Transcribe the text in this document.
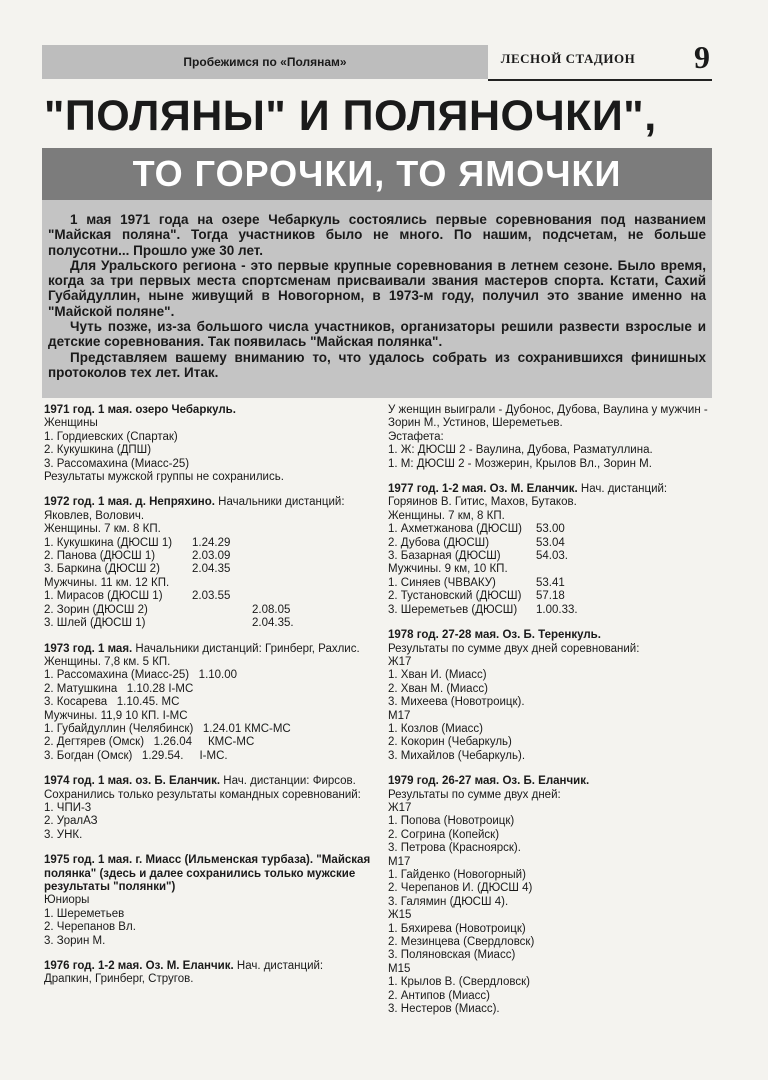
Пробежимся по «Полянам»	ЛЕСНОЙ СТАДИОН	9
"ПОЛЯНЫ" И ПОЛЯНОЧКИ",
ТО ГОРОЧКИ, ТО ЯМОЧКИ

1 мая 1971 года на озере Чебаркуль состоялись первые соревнования под названием "Майская поляна". Тогда участников было не много. По нашим, подсчетам, не больше полусотни... Прошло уже 30 лет.

Для Уральского региона - это первые крупные соревнования в летнем сезоне. Было время, когда за три первых места спортсменам присваивали звания мастеров спорта. Кстати, Сахий Губайдуллин, ныне живущий в Новогорном, в 1973-м году, получил это звание именно на "Майской поляне".

Чуть позже, из-за большого числа участников, организаторы решили развести взрослые и детские соревнования. Так появилась "Майская полянка".

Представляем вашему вниманию то, что удалось собрать из сохранившихся финишных протоколов тех лет. Итак.

1971 год. 1 мая. озеро Чебаркуль.

Женщины

1. Гордиевских (Спартак)

2. Кукушкина (ДПШ)

3. Рассомахина (Миасс-25)

Результаты мужской группы не сохранились.

1972 год. 1 мая. д. Непряхино. Начальники дистанций: Яковлев, Волович.

Женщины. 7 км. 8 КП.

1. Кукушкина (ДЮСШ 1)	1.24.29
2. Панова (ДЮСШ 1)	2.03.09
3. Баркина (ДЮСШ 2)	2.04.35

Мужчины. 11 км. 12 КП.

1. Мирасов (ДЮСШ 1)	2.03.55
2. Зорин (ДЮСШ 2)	2.08.05
3. Шлей (ДЮСШ 1)	2.04.35.

1973 год. 1 мая. Начальники дистанций: Гринберг, Рахлис.

Женщины. 7,8 км. 5 КП.

1. Рассомахина (Миасс-25)   1.10.00

2. Матушкина   1.10.28 I-МС

3. Косарева   1.10.45. МС

Мужчины. 11,9 10 КП. I-МС

1. Губайдуллин (Челябинск)   1.24.01 КМС-МС

2. Дегтярев (Омск)   1.26.04     КМС-МС

3. Богдан (Омск)   1.29.54.     I-МС.

1974 год. 1 мая. оз. Б. Еланчик. Нач. дистанции: Фирсов.

Сохранились только результаты командных соревнований:

1. ЧПИ-3

2. УралАЗ

3. УНК.

1975 год. 1 мая. г. Миасс (Ильменская турбаза). "Майская полянка" (здесь и далее сохранились только мужские результаты "полянки")

Юниоры

1. Шереметьев

2. Черепанов Вл.

3. Зорин М.

1976 год. 1-2 мая. Оз. М. Еланчик. Нач. дистанций: Драпкин, Гринберг, Стругов.

У женщин выиграли - Дубонос, Дубова, Ваулина у мужчин - Зорин М., Устинов, Шереметьев.

Эстафета:

1. Ж: ДЮСШ 2 - Ваулина, Дубова, Разматуллина.

1. М: ДЮСШ 2 - Мозжерин, Крылов Вл., Зорин М.

1977 год. 1-2 мая. Оз. М. Еланчик. Нач. дистанций: Горяинов В. Гитис, Махов, Бутаков.

Женщины. 7 км, 8 КП.

1. Ахметжанова (ДЮСШ)	53.00
2. Дубова (ДЮСШ)	53.04
3. Базарная (ДЮСШ)	54.03.

Мужчины. 9 км, 10 КП.

1. Синяев (ЧВВАКУ)	53.41
2. Тустановский (ДЮСШ)	57.18
3. Шереметьев (ДЮСШ)	1.00.33.

1978 год. 27-28 мая. Оз. Б. Теренкуль.

Результаты по сумме двух дней соревнований:

Ж17

1. Хван И. (Миасс)

2. Хван М. (Миасс)

3. Михеева (Новотроицк).

М17

1. Козлов (Миасс)

2. Кокорин (Чебаркуль)

3. Михайлов (Чебаркуль).

1979 год. 26-27 мая. Оз. Б. Еланчик.

Результаты по сумме двух дней:

Ж17

1. Попова (Новотроицк)

2. Согрина (Копейск)

3. Петрова (Красноярск).

М17

1. Гайденко (Новогорный)

2. Черепанов И. (ДЮСШ 4)

3. Галямин (ДЮСШ 4).

Ж15

1. Бяхирева (Новотроицк)

2. Мезинцева (Свердловск)

3. Поляновская (Миасс)

М15

1. Крылов В. (Свердловск)

2. Антипов (Миасс)

3. Нестеров (Миасс).
